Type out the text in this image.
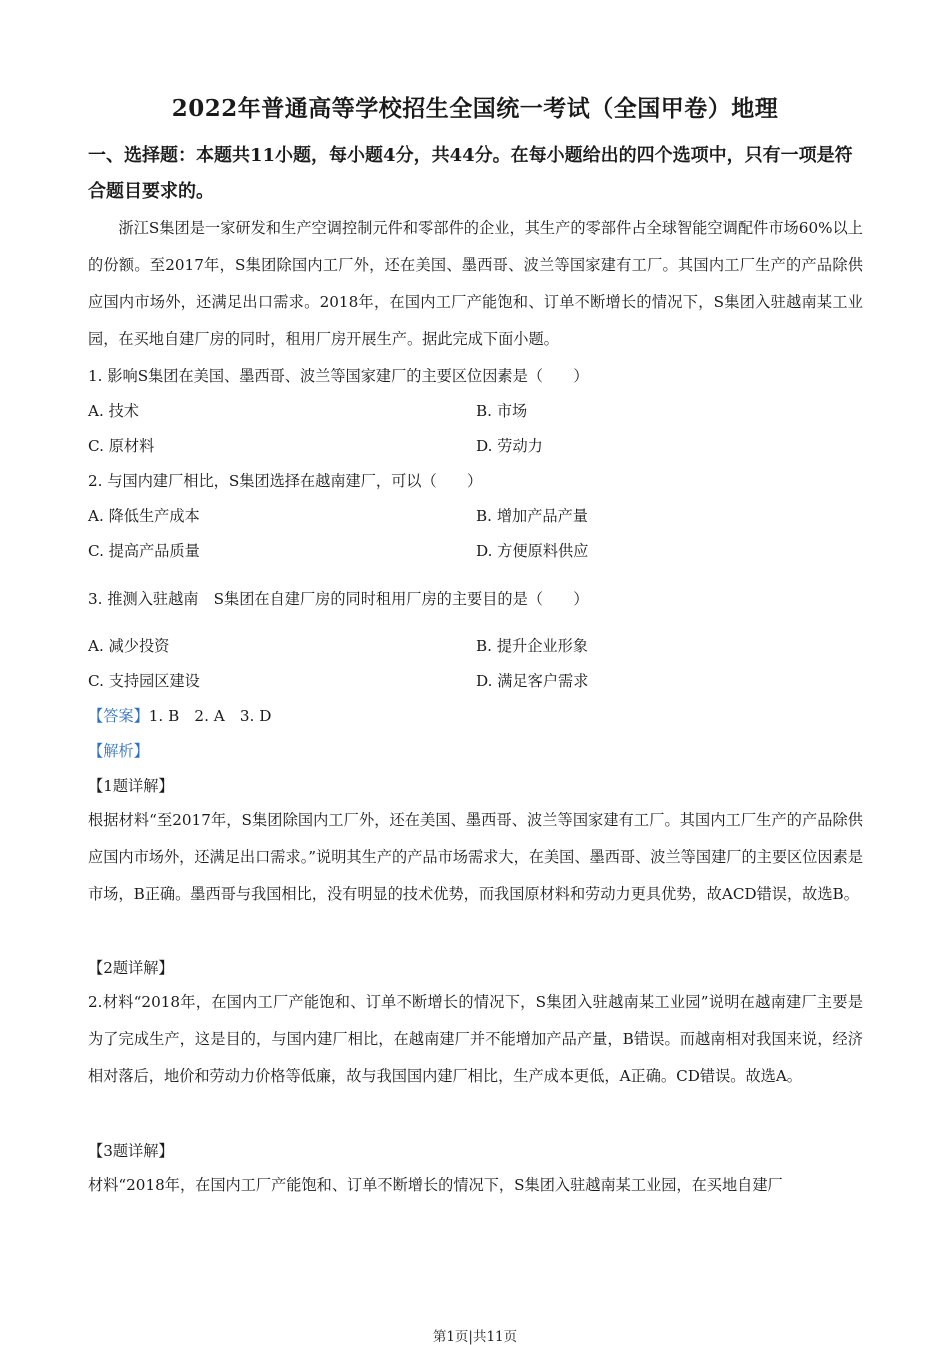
2022年普通高等学校招生全国统一考试（全国甲卷）地理
一、选择题：本题共11小题，每小题4分，共44分。在每小题给出的四个选项中，只有一项是符合题目要求的。
浙江S集团是一家研发和生产空调控制元件和零部件的企业，其生产的零部件占全球智能空调配件市场60%以上的份额。至2017年，S集团除国内工厂外，还在美国、墨西哥、波兰等国家建有工厂。其国内工厂生产的产品除供应国内市场外，还满足出口需求。2018年，在国内工厂产能饱和、订单不断增长的情况下，S集团入驻越南某工业园，在买地自建厂房的同时，租用厂房开展生产。据此完成下面小题。
1. 影响S集团在美国、墨西哥、波兰等国家建厂的主要区位因素是（　　）
A. 技术	B. 市场
C. 原材料	D. 劳动力
2. 与国内建厂相比，S集团选择在越南建厂，可以（　　）
A. 降低生产成本	B. 增加产品产量
C. 提高产品质量	D. 方便原料供应
3. 推测入驻越南　S集团在自建厂房的同时租用厂房的主要目的是（　　）
A. 减少投资	B. 提升企业形象
C. 支持园区建设	D. 满足客户需求
【答案】1. B　2. A　3. D
【解析】
【1题详解】
根据材料“至2017年，S集团除国内工厂外，还在美国、墨西哥、波兰等国家建有工厂。其国内工厂生产的产品除供应国内市场外，还满足出口需求。”说明其生产的产品市场需求大，在美国、墨西哥、波兰等国建厂的主要区位因素是市场，B正确。墨西哥与我国相比，没有明显的技术优势，而我国原材料和劳动力更具优势，故ACD错误，故选B。
【2题详解】
2.材料“2018年，在国内工厂产能饱和、订单不断增长的情况下，S集团入驻越南某工业园”说明在越南建厂主要是为了完成生产，这是目的，与国内建厂相比，在越南建厂并不能增加产品产量，B错误。而越南相对我国来说，经济相对落后，地价和劳动力价格等低廉，故与我国国内建厂相比，生产成本更低，A正确。CD错误。故选A。
【3题详解】
材料“2018年，在国内工厂产能饱和、订单不断增长的情况下，S集团入驻越南某工业园，在买地自建厂
第1页|共11页
